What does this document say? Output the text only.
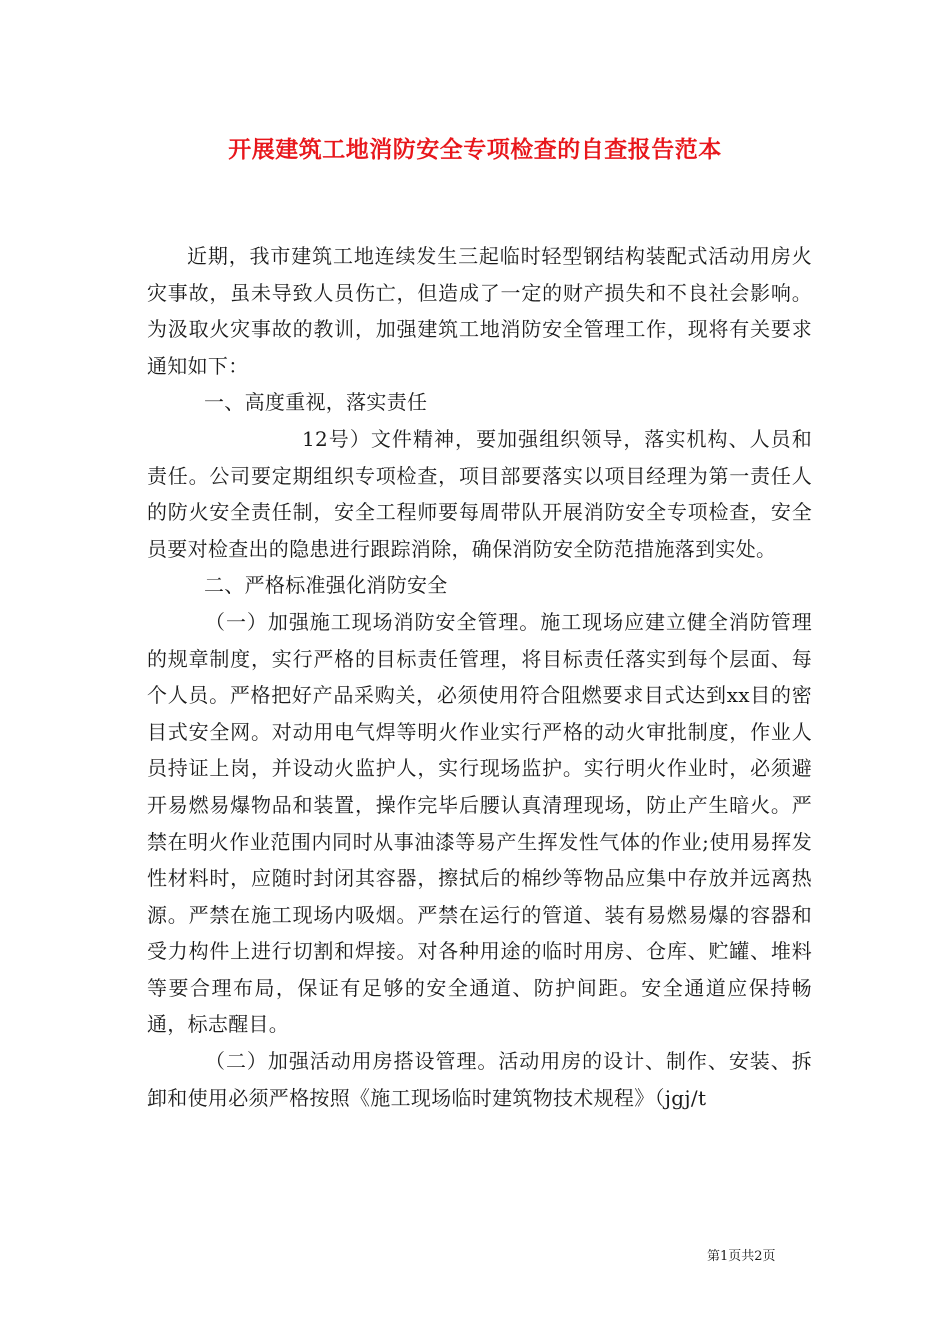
开展建筑工地消防安全专项检查的自查报告范本

近期，我市建筑工地连续发生三起临时轻型钢结构装配式活动用房火灾事故，虽未导致人员伤亡，但造成了一定的财产损失和不良社会影响。为汲取火灾事故的教训，加强建筑工地消防安全管理工作，现将有关要求通知如下：

一、高度重视，落实责任

12号）文件精神，要加强组织领导，落实机构、人员和责任。公司要定期组织专项检查，项目部要落实以项目经理为第一责任人的防火安全责任制，安全工程师要每周带队开展消防安全专项检查，安全员要对检查出的隐患进行跟踪消除，确保消防安全防范措施落到实处。

二、严格标准强化消防安全

（一）加强施工现场消防安全管理。施工现场应建立健全消防管理的规章制度，实行严格的目标责任管理，将目标责任落实到每个层面、每个人员。严格把好产品采购关，必须使用符合阻燃要求目式达到xx目的密目式安全网。对动用电气焊等明火作业实行严格的动火审批制度，作业人员持证上岗，并设动火监护人，实行现场监护。实行明火作业时，必须避开易燃易爆物品和装置，操作完毕后腰认真清理现场，防止产生暗火。严禁在明火作业范围内同时从事油漆等易产生挥发性气体的作业;使用易挥发性材料时，应随时封闭其容器，擦拭后的棉纱等物品应集中存放并远离热源。严禁在施工现场内吸烟。严禁在运行的管道、装有易燃易爆的容器和受力构件上进行切割和焊接。对各种用途的临时用房、仓库、贮罐、堆料等要合理布局，保证有足够的安全通道、防护间距。安全通道应保持畅通，标志醒目。

（二）加强活动用房搭设管理。活动用房的设计、制作、安装、拆卸和使用必须严格按照《施工现场临时建筑物技术规程》（jgj/t

第1页共2页
